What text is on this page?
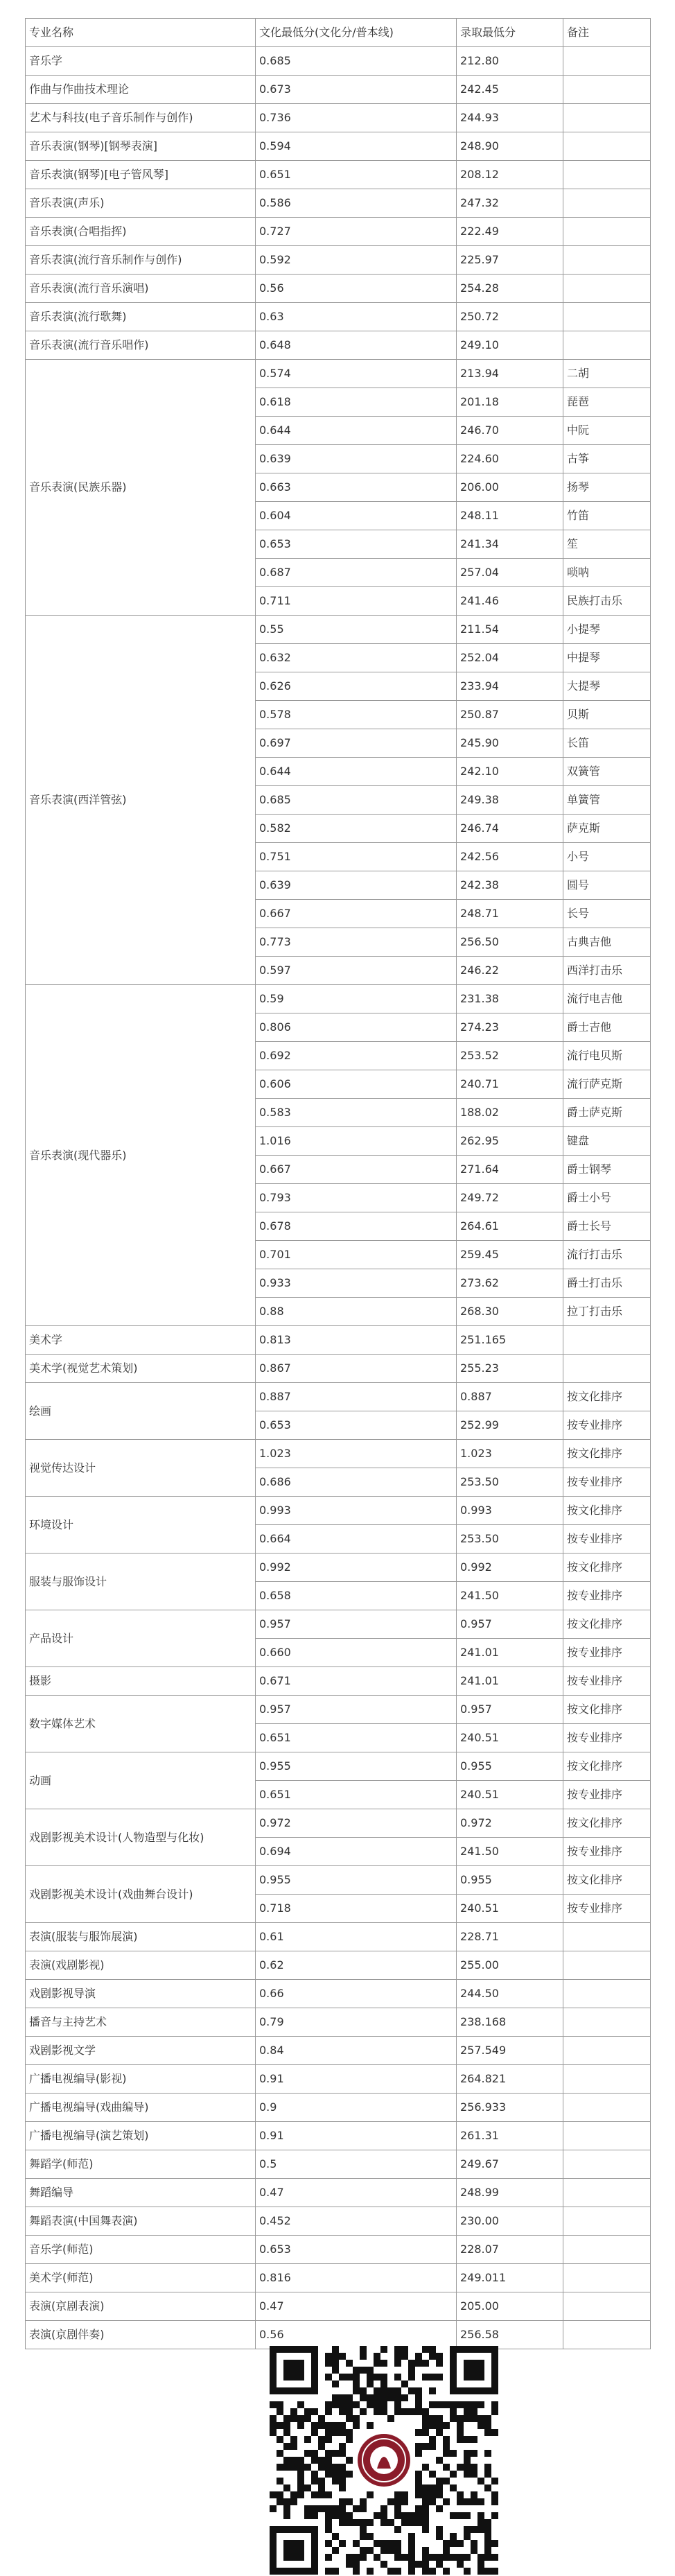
专业名称	文化最低分(文化分/普本线)	录取最低分	备注
音乐学	0.685	212.80	
作曲与作曲技术理论	0.673	242.45	
艺术与科技(电子音乐制作与创作)	0.736	244.93	
音乐表演(钢琴)[钢琴表演]	0.594	248.90	
音乐表演(钢琴)[电子管风琴]	0.651	208.12	
音乐表演(声乐)	0.586	247.32	
音乐表演(合唱指挥)	0.727	222.49	
音乐表演(流行音乐制作与创作)	0.592	225.97	
音乐表演(流行音乐演唱)	0.56	254.28	
音乐表演(流行歌舞)	0.63	250.72	
音乐表演(流行音乐唱作)	0.648	249.10	
音乐表演(民族乐器)	0.574	213.94	二胡
	0.618	201.18	琵琶
	0.644	246.70	中阮
	0.639	224.60	古筝
	0.663	206.00	扬琴
	0.604	248.11	竹笛
	0.653	241.34	笙
	0.687	257.04	唢呐
	0.711	241.46	民族打击乐
音乐表演(西洋管弦)	0.55	211.54	小提琴
	0.632	252.04	中提琴
	0.626	233.94	大提琴
	0.578	250.87	贝斯
	0.697	245.90	长笛
	0.644	242.10	双簧管
	0.685	249.38	单簧管
	0.582	246.74	萨克斯
	0.751	242.56	小号
	0.639	242.38	圆号
	0.667	248.71	长号
	0.773	256.50	古典吉他
	0.597	246.22	西洋打击乐
音乐表演(现代器乐)	0.59	231.38	流行电吉他
	0.806	274.23	爵士吉他
	0.692	253.52	流行电贝斯
	0.606	240.71	流行萨克斯
	0.583	188.02	爵士萨克斯
	1.016	262.95	键盘
	0.667	271.64	爵士钢琴
	0.793	249.72	爵士小号
	0.678	264.61	爵士长号
	0.701	259.45	流行打击乐
	0.933	273.62	爵士打击乐
	0.88	268.30	拉丁打击乐
美术学	0.813	251.165	
美术学(视觉艺术策划)	0.867	255.23	
绘画	0.887	0.887	按文化排序
	0.653	252.99	按专业排序
视觉传达设计	1.023	1.023	按文化排序
	0.686	253.50	按专业排序
环境设计	0.993	0.993	按文化排序
	0.664	253.50	按专业排序
服装与服饰设计	0.992	0.992	按文化排序
	0.658	241.50	按专业排序
产品设计	0.957	0.957	按文化排序
	0.660	241.01	按专业排序
摄影	0.671	241.01	按专业排序
数字媒体艺术	0.957	0.957	按文化排序
	0.651	240.51	按专业排序
动画	0.955	0.955	按文化排序
	0.651	240.51	按专业排序
戏剧影视美术设计(人物造型与化妆)	0.972	0.972	按文化排序
	0.694	241.50	按专业排序
戏剧影视美术设计(戏曲舞台设计)	0.955	0.955	按文化排序
	0.718	240.51	按专业排序
表演(服装与服饰展演)	0.61	228.71	
表演(戏剧影视)	0.62	255.00	
戏剧影视导演	0.66	244.50	
播音与主持艺术	0.79	238.168	
戏剧影视文学	0.84	257.549	
广播电视编导(影视)	0.91	264.821	
广播电视编导(戏曲编导)	0.9	256.933	
广播电视编导(演艺策划)	0.91	261.31	
舞蹈学(师范)	0.5	249.67	
舞蹈编导	0.47	248.99	
舞蹈表演(中国舞表演)	0.452	230.00	
音乐学(师范)	0.653	228.07	
美术学(师范)	0.816	249.011	
表演(京剧表演)	0.47	205.00	
表演(京剧伴奏)	0.56	256.58	
